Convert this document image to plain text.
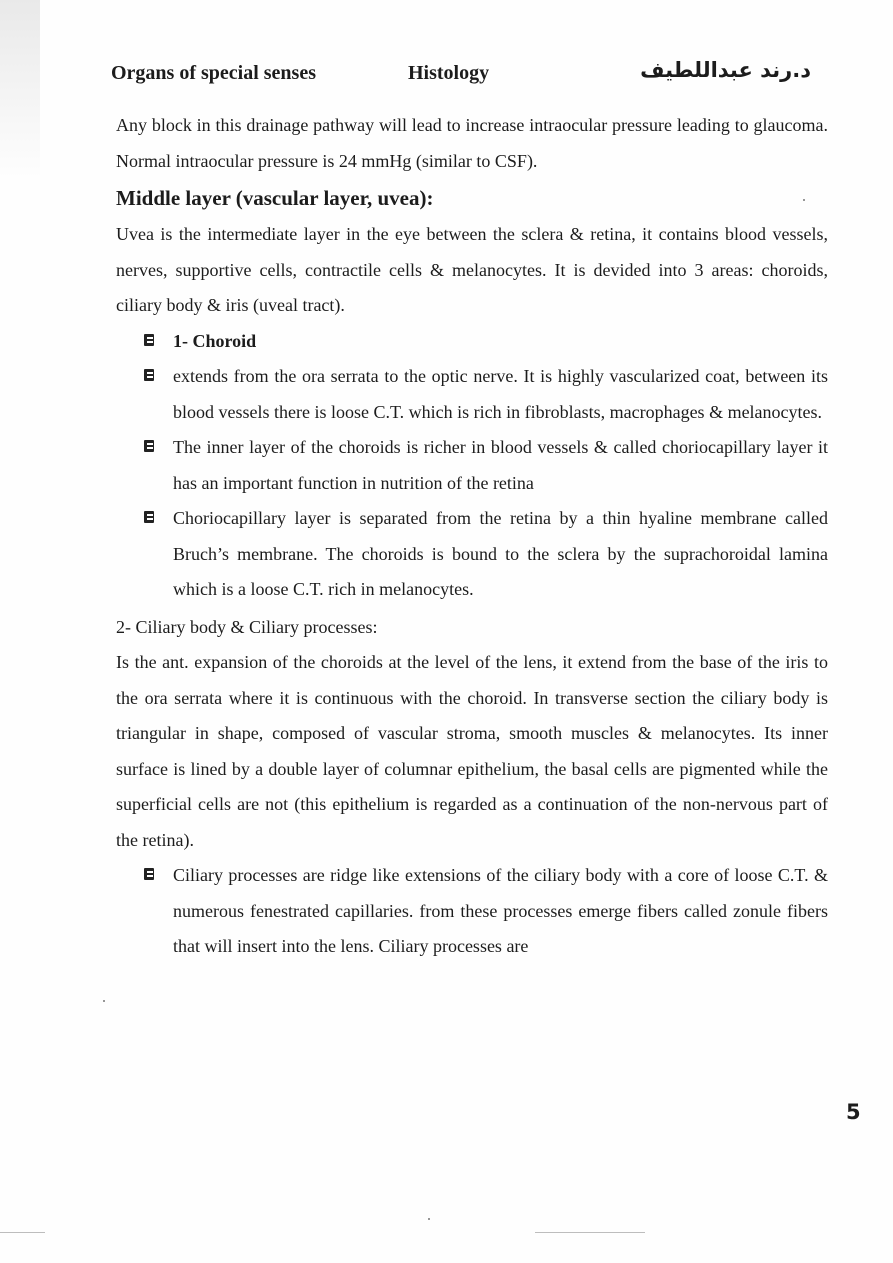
Organs of special senses	Histology	د.رند عبداللطيف

Any block in this drainage pathway will lead to increase intraocular pressure leading to glaucoma. Normal intraocular pressure is 24 mmHg (similar to CSF).

Middle layer (vascular layer, uvea):

Uvea is the intermediate layer in the eye between the sclera & retina, it contains blood vessels, nerves, supportive cells, contractile cells & melanocytes. It is devided into 3 areas: choroids, ciliary body & iris (uveal tract).

1- Choroid
extends from the ora serrata to the optic nerve. It is highly vascularized coat, between its blood vessels there is loose C.T. which is rich in fibroblasts, macrophages & melanocytes.
The inner layer of the choroids is richer in blood vessels & called choriocapillary layer it has an important function in nutrition of the retina
Choriocapillary layer is separated from the retina by a thin hyaline membrane called Bruch’s membrane. The choroids is bound to the sclera by the suprachoroidal lamina which is a loose C.T. rich in melanocytes.

2- Ciliary body & Ciliary processes:

Is the ant. expansion of the choroids at the level of the lens, it extend from the base of the iris to the ora serrata where it is continuous with the choroid. In transverse section the ciliary body is triangular in shape, composed of vascular stroma, smooth muscles & melanocytes. Its inner surface is lined by a double layer of columnar epithelium, the basal cells are pigmented while the superficial cells are not (this epithelium is regarded as a continuation of the non-nervous part of the retina).

Ciliary processes are ridge like extensions of the ciliary body with a core of loose C.T. & numerous fenestrated capillaries. from these processes emerge fibers called zonule fibers that will insert into the lens. Ciliary processes are
5
